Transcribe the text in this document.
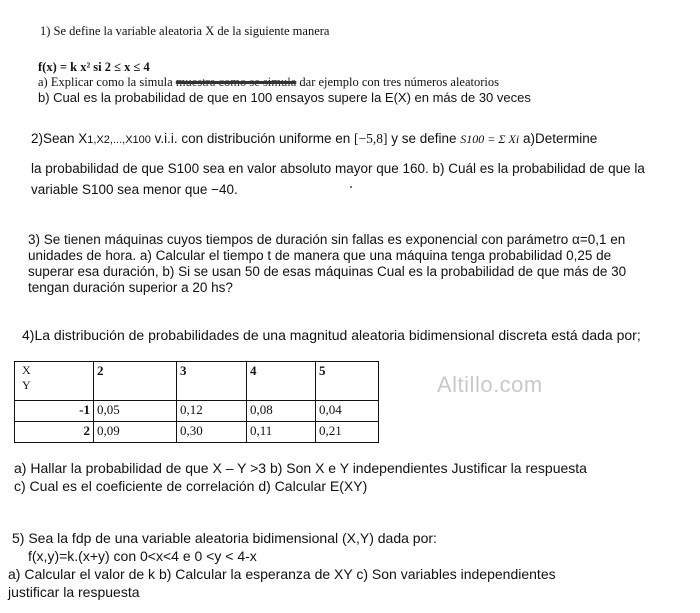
1) Se define la variable aleatoria X de la siguiente manera
f(x) = k x² si 2 ≤ x ≤ 4
a) Explicar como la simula muestra como se simula dar ejemplo con tres números aleatorios
b) Cual es la probabilidad de que en 100 ensayos supere la E(X) en más de 30 veces
2)Sean X1,X2,...,X100 v.i.i. con distribución uniforme en [−5,8] y se define S100 = Σ Xi a)Determine
la probabilidad de que S100 sea en valor absoluto mayor que 160. b) Cuál es la probabilidad de que la
variable S100 sea menor que −40.
3) Se tienen máquinas cuyos tiempos de duración sin fallas es exponencial con parámetro α=0,1 en
unidades de hora. a) Calcular el tiempo t de manera que una máquina tenga probabilidad 0,25 de
superar esa duración, b) Si se usan 50 de esas máquinas Cual es la probabilidad de que más de 30
tengan duración superior a 20 hs?
4)La distribución de probabilidades de una magnitud aleatoria bidimensional discreta está dada por;
X
Y	2	3	4	5
-1	0,05	0,12	0,08	0,04
2	0,09	0,30	0,11	0,21
Altillo.com
a) Hallar la probabilidad de que X – Y >3 b) Son X e Y independientes Justificar la respuesta
c) Cual es el coeficiente de correlación d) Calcular E(XY)
5) Sea la fdp de una variable aleatoria bidimensional (X,Y) dada por:
f(x,y)=k.(x+y) con 0<x<4 e 0 <y < 4-x
a) Calcular el valor de k b) Calcular la esperanza de XY c) Son variables independientes
justificar la respuesta
